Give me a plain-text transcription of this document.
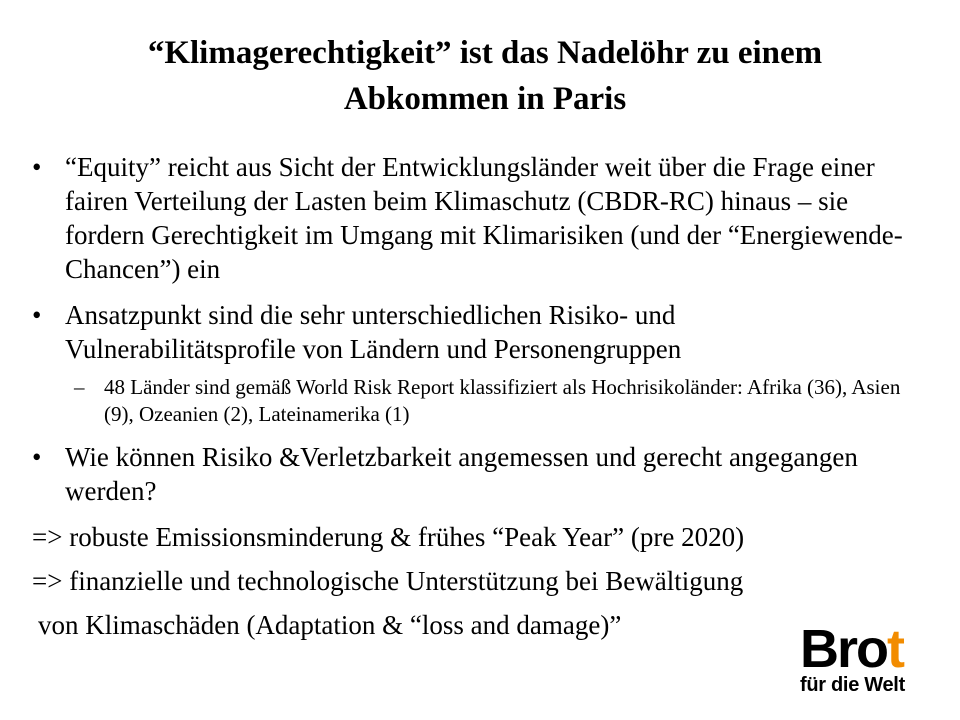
“Klimagerechtigkeit” ist das Nadelöhr zu einem
Abkommen in Paris
• “Equity” reicht aus Sicht der Entwicklungsländer weit über die Frage einer fairen Verteilung der Lasten beim Klimaschutz (CBDR-RC) hinaus – sie fordern Gerechtigkeit im Umgang mit Klimarisiken (und der “Energiewende-Chancen”) ein
• Ansatzpunkt sind die sehr unterschiedlichen Risiko- und Vulnerabilitätsprofile von Ländern und Personengruppen
– 48 Länder sind gemäß World Risk Report klassifiziert als Hochrisikoländer: Afrika (36), Asien (9), Ozeanien (2), Lateinamerika (1)
• Wie können Risiko &Verletzbarkeit angemessen und gerecht angegangen werden?
=> robuste Emissionsminderung & frühes “Peak Year” (pre 2020)
=> finanzielle und technologische Unterstützung bei Bewältigung
von Klimaschäden (Adaptation & “loss and damage)”	Brot
für die Welt
